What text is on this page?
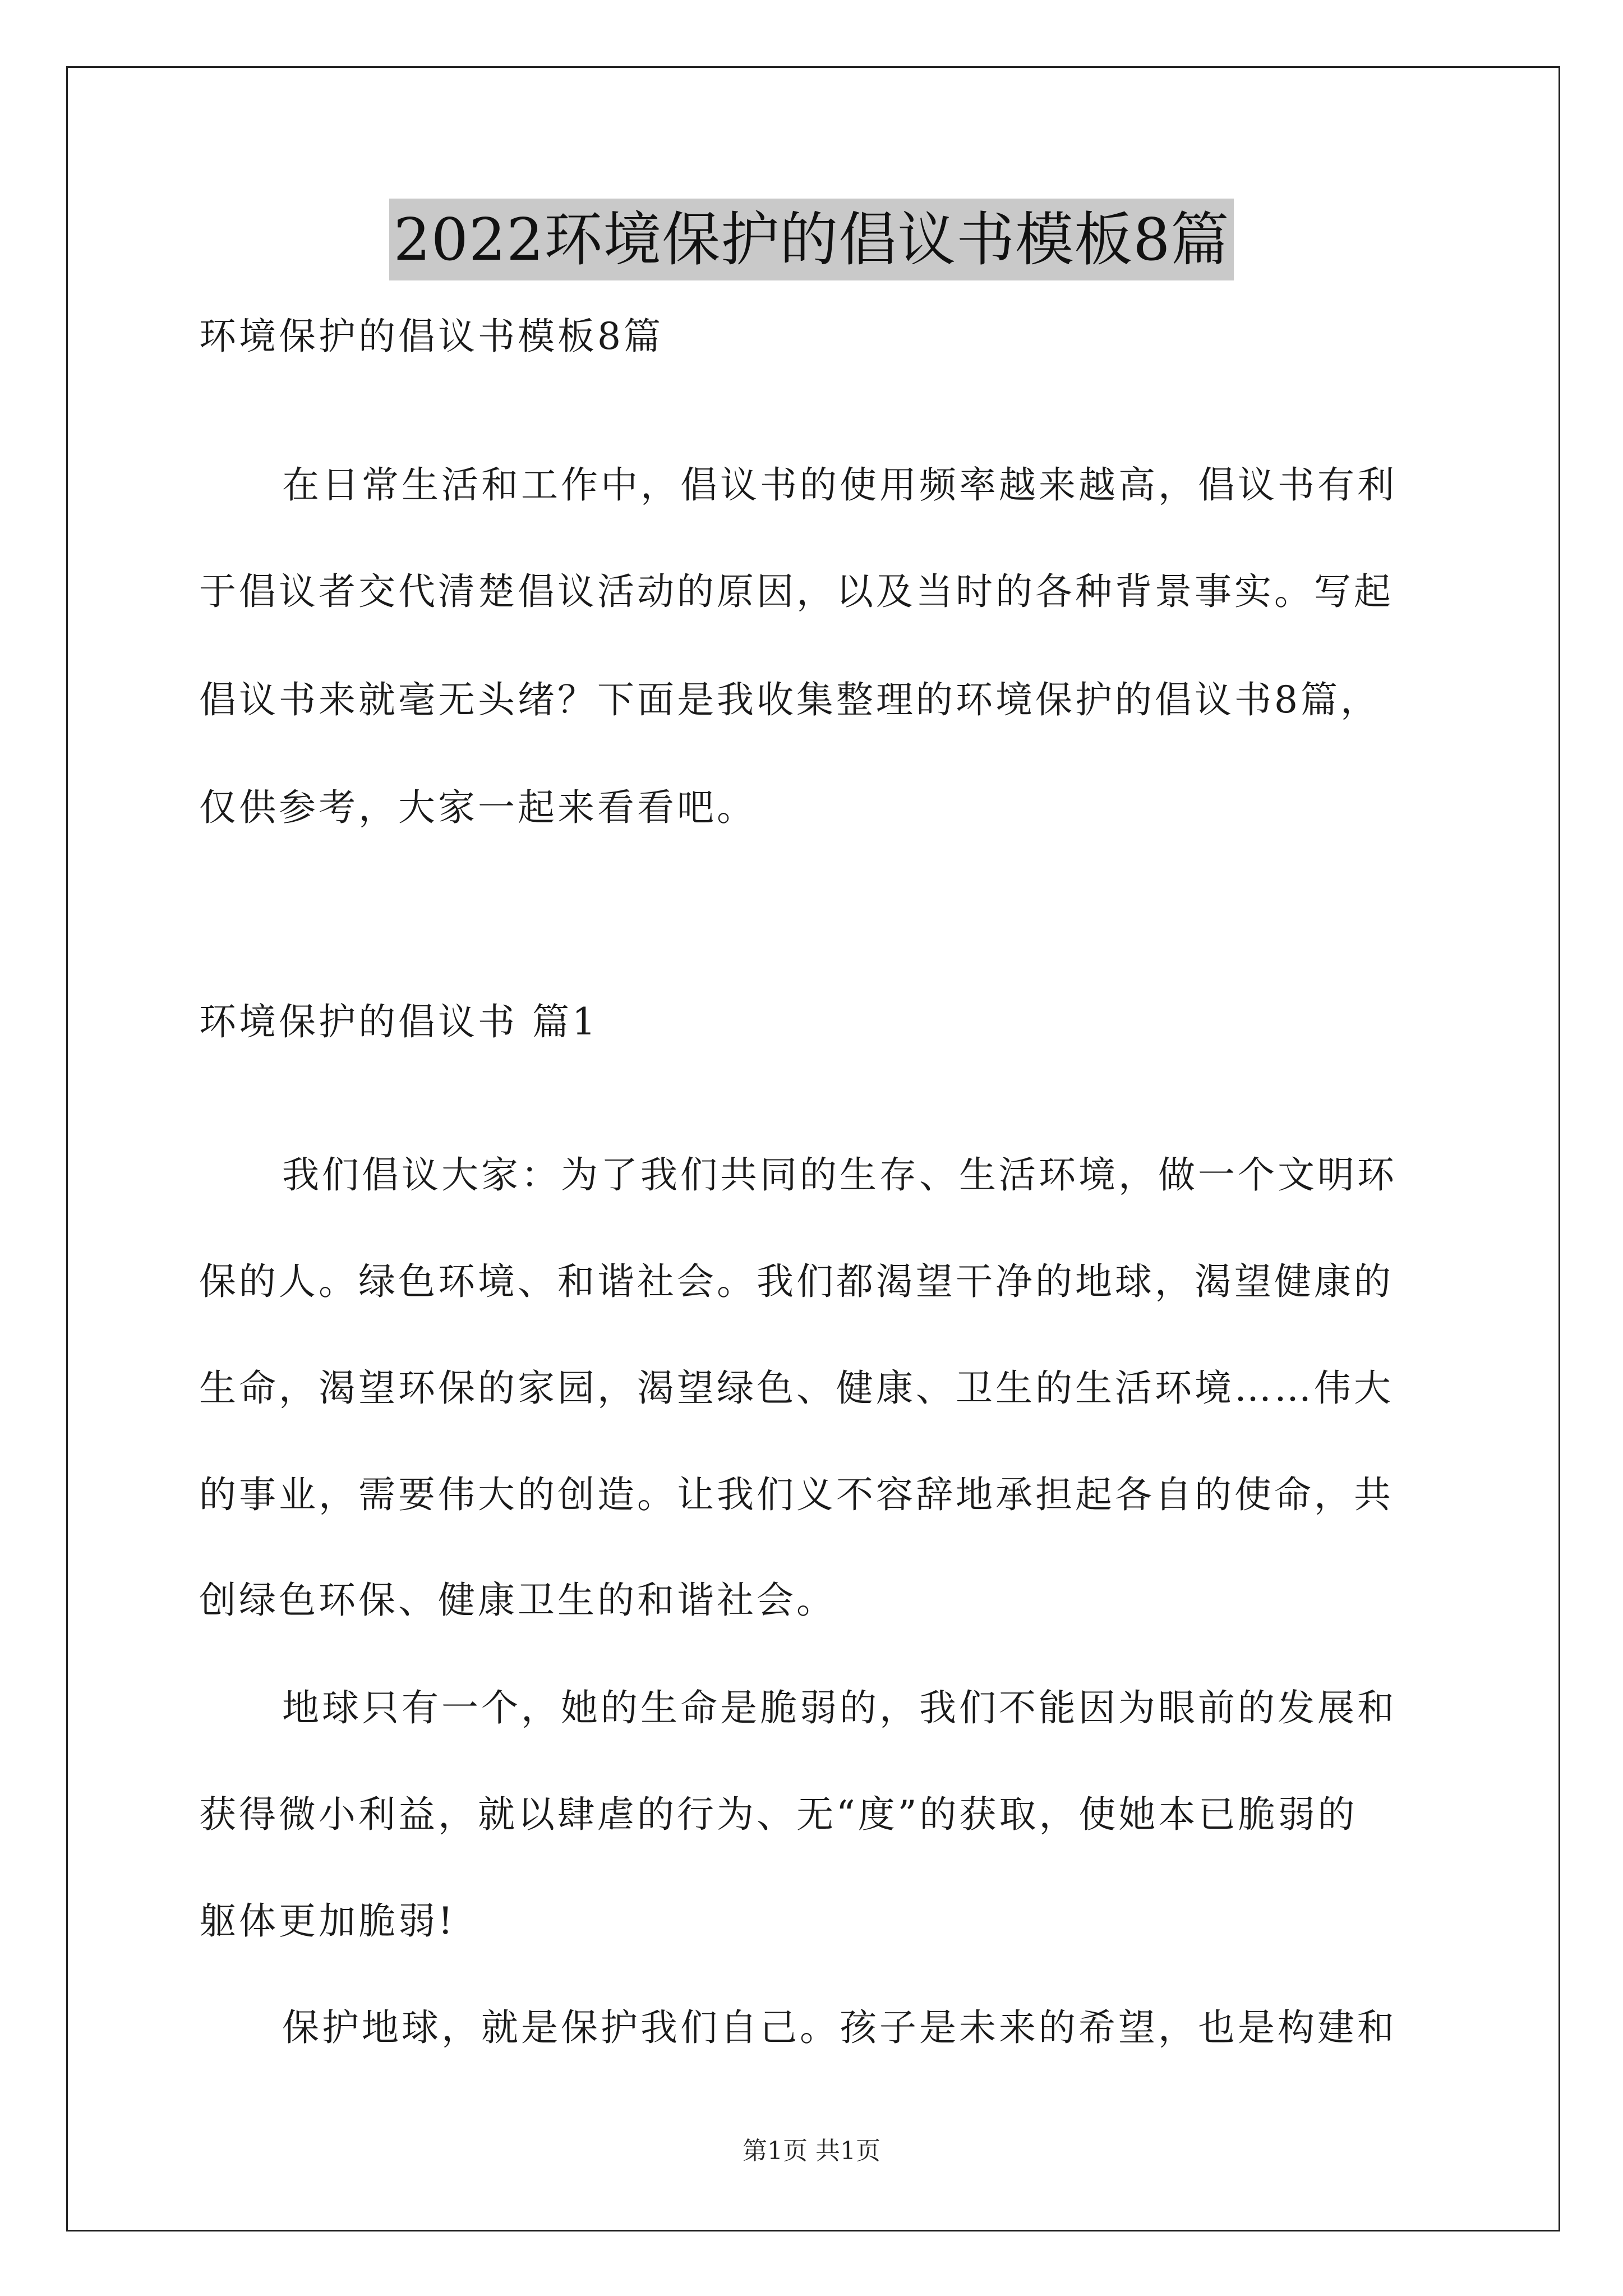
2022环境保护的倡议书模板8篇
环境保护的倡议书模板8篇
在日常生活和工作中，倡议书的使用频率越来越高，倡议书有利
于倡议者交代清楚倡议活动的原因，以及当时的各种背景事实。写起
倡议书来就毫无头绪？下面是我收集整理的环境保护的倡议书8篇，
仅供参考，大家一起来看看吧。
环境保护的倡议书 篇1
我们倡议大家：为了我们共同的生存、生活环境，做一个文明环
保的人。绿色环境、和谐社会。我们都渴望干净的地球，渴望健康的
生命，渴望环保的家园，渴望绿色、健康、卫生的生活环境……伟大
的事业，需要伟大的创造。让我们义不容辞地承担起各自的使命，共
创绿色环保、健康卫生的和谐社会。
地球只有一个，她的生命是脆弱的，我们不能因为眼前的发展和
获得微小利益，就以肆虐的行为、无“度”的获取，使她本已脆弱的
躯体更加脆弱!
保护地球，就是保护我们自己。孩子是未来的希望，也是构建和
第1页 共1页
